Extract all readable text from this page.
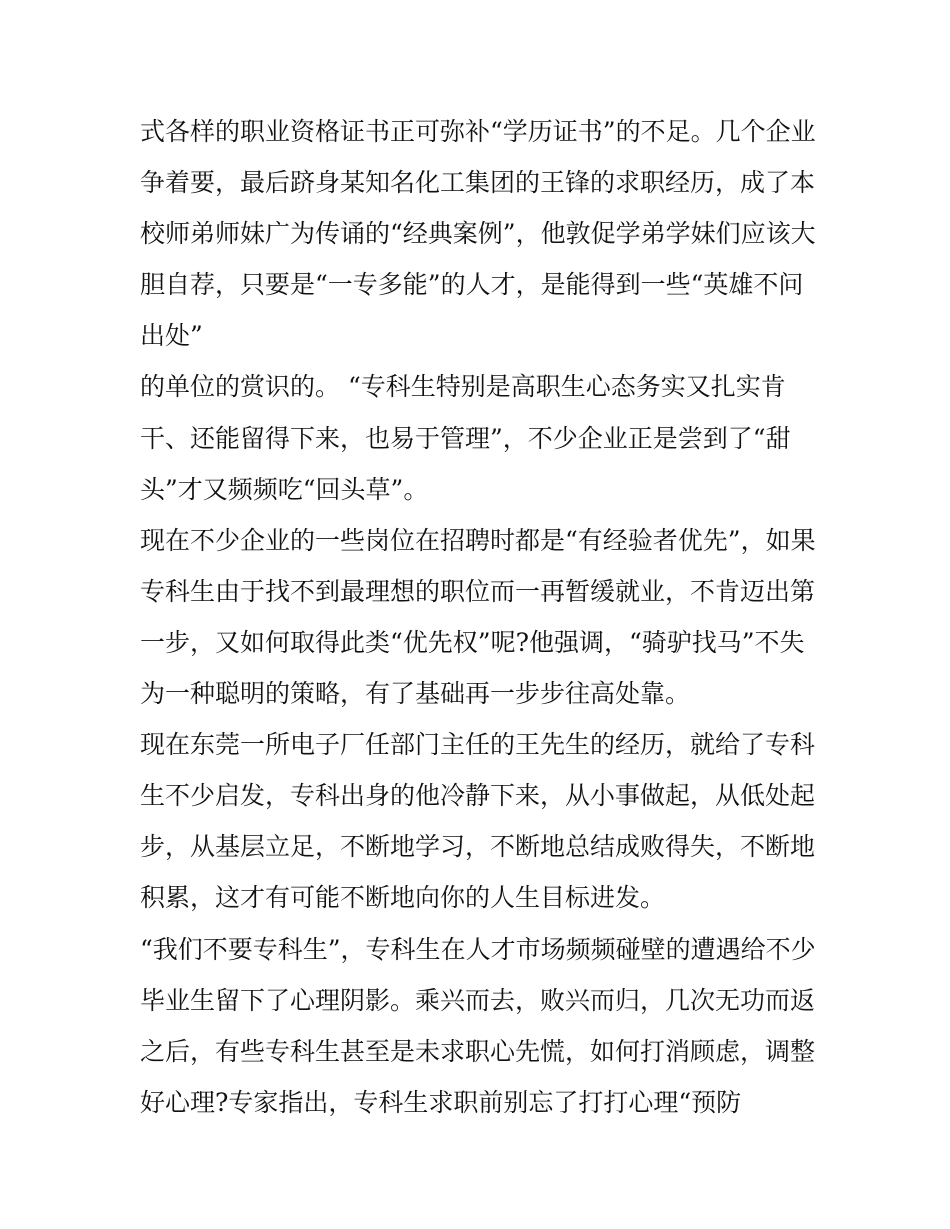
式各样的职业资格证书正可弥补“学历证书”的不足。几个企业

争着要，最后跻身某知名化工集团的王锋的求职经历，成了本

校师弟师妹广为传诵的“经典案例”，他敦促学弟学妹们应该大

胆自荐，只要是“一专多能”的人才，是能得到一些“英雄不问

出处”

的单位的赏识的。 “专科生特别是高职生心态务实又扎实肯

干、还能留得下来，也易于管理”，不少企业正是尝到了“甜

头”才又频频吃“回头草”。

现在不少企业的一些岗位在招聘时都是“有经验者优先”，如果

专科生由于找不到最理想的职位而一再暂缓就业，不肯迈出第

一步，又如何取得此类“优先权”呢?他强调，“骑驴找马”不失

为一种聪明的策略，有了基础再一步步往高处靠。

现在东莞一所电子厂任部门主任的王先生的经历，就给了专科

生不少启发，专科出身的他冷静下来，从小事做起，从低处起

步，从基层立足，不断地学习，不断地总结成败得失，不断地

积累，这才有可能不断地向你的人生目标进发。

“我们不要专科生”，专科生在人才市场频频碰壁的遭遇给不少

毕业生留下了心理阴影。乘兴而去，败兴而归，几次无功而返

之后，有些专科生甚至是未求职心先慌，如何打消顾虑，调整

好心理?专家指出，专科生求职前别忘了打打心理“预防
